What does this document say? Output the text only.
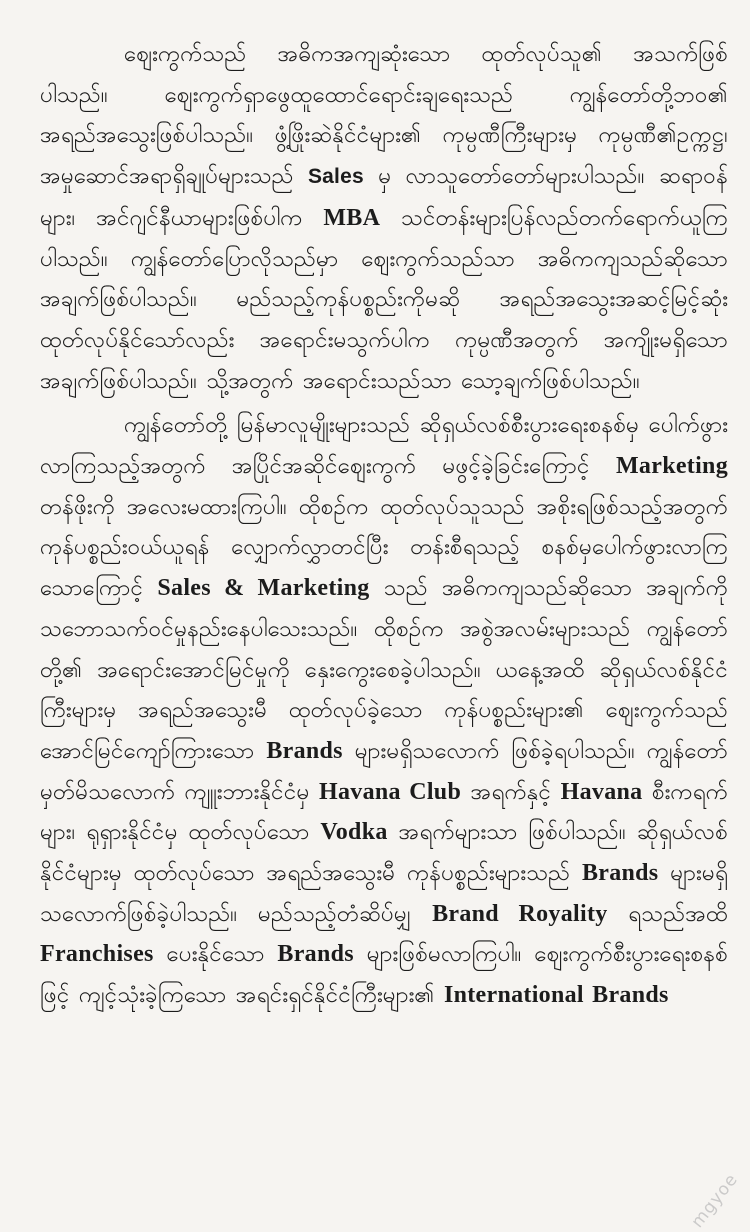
ဈေးကွက်သည် အဓိကအကျဆုံးသော ထုတ်လုပ်သူ၏ အသက်ဖြစ်ပါသည်။ ဈေးကွက်ရှာဖွေထူထောင်ရောင်းချရေးသည် ကျွန်တော်တို့ဘဝ၏ အရည်အသွေးဖြစ်ပါသည်။ ဖွံ့ဖြိုးဆဲနိုင်ငံများ၏ ကုမ္ပဏီကြီးများမှ ကုမ္ပဏီ၏ဥက္ကဋ္ဌ၊ အမှုဆောင်အရာရှိချုပ်များသည် Sales မှ လာသူတော်တော်များပါသည်။ ဆရာဝန်များ၊ အင်ဂျင်နီယာများဖြစ်ပါက MBA သင်တန်းများပြန်လည်တက်ရောက်ယူကြပါသည်။ ကျွန်တော်ပြောလိုသည်မှာ ဈေးကွက်သည်သာ အဓိကကျသည်ဆိုသော အချက်ဖြစ်ပါသည်။ မည်သည့်ကုန်ပစ္စည်းကိုမဆို အရည်အသွေးအဆင့်မြင့်ဆုံး ထုတ်လုပ်နိုင်သော်လည်း အရောင်းမသွက်ပါက ကုမ္ပဏီအတွက် အကျိုးမရှိသော အချက်ဖြစ်ပါသည်။ သို့အတွက် အရောင်းသည်သာ သော့ချက်ဖြစ်ပါသည်။

ကျွန်တော်တို့ မြန်မာလူမျိုးများသည် ဆိုရှယ်လစ်စီးပွားရေးစနစ်မှ ပေါက်ဖွားလာကြသည့်အတွက် အပြိုင်အဆိုင်ဈေးကွက် မဖွင့်ခဲ့ခြင်းကြောင့် Marketing တန်ဖိုးကို အလေးမထားကြပါ။ ထိုစဉ်က ထုတ်လုပ်သူသည် အစိုးရဖြစ်သည့်အတွက် ကုန်ပစ္စည်းဝယ်ယူရန် လျှောက်လွှာတင်ပြီး တန်းစီရသည့် စနစ်မှပေါက်ဖွားလာကြသောကြောင့် Sales & Marketing သည် အဓိကကျသည်ဆိုသော အချက်ကိုသဘောသက်ဝင်မှုနည်းနေပါသေးသည်။ ထိုစဉ်က အစွဲအလမ်းများသည် ကျွန်တော်တို့၏ အရောင်းအောင်မြင်မှုကို နှေးကွေးစေခဲ့ပါသည်။ ယနေ့အထိ ဆိုရှယ်လစ်နိုင်ငံကြီးများမှ အရည်အသွေးမီ ထုတ်လုပ်ခဲ့သော ကုန်ပစ္စည်းများ၏ ဈေးကွက်သည် အောင်မြင်ကျော်ကြားသော Brands များမရှိသလောက် ဖြစ်ခဲ့ရပါသည်။ ကျွန်တော်မှတ်မိသလောက် ကျူးဘားနိုင်ငံမှ Havana Club အရက်နှင့် Havana စီးကရက်များ၊ ရုရှားနိုင်ငံမှ ထုတ်လုပ်သော Vodka အရက်များသာ ဖြစ်ပါသည်။ ဆိုရှယ်လစ်နိုင်ငံများမှ ထုတ်လုပ်သော အရည်အသွေးမီ ကုန်ပစ္စည်းများသည် Brands များမရှိသလောက်ဖြစ်ခဲ့ပါသည်။ မည်သည့်တံဆိပ်မျှ Brand Royality ရသည်အထိ Franchises ပေးနိုင်သော Brands များဖြစ်မလာကြပါ။ ဈေးကွက်စီးပွားရေးစနစ်ဖြင့် ကျင့်သုံးခဲ့ကြသော အရင်းရှင်နိုင်ငံကြီးများ၏ International Brands

mgyoe
